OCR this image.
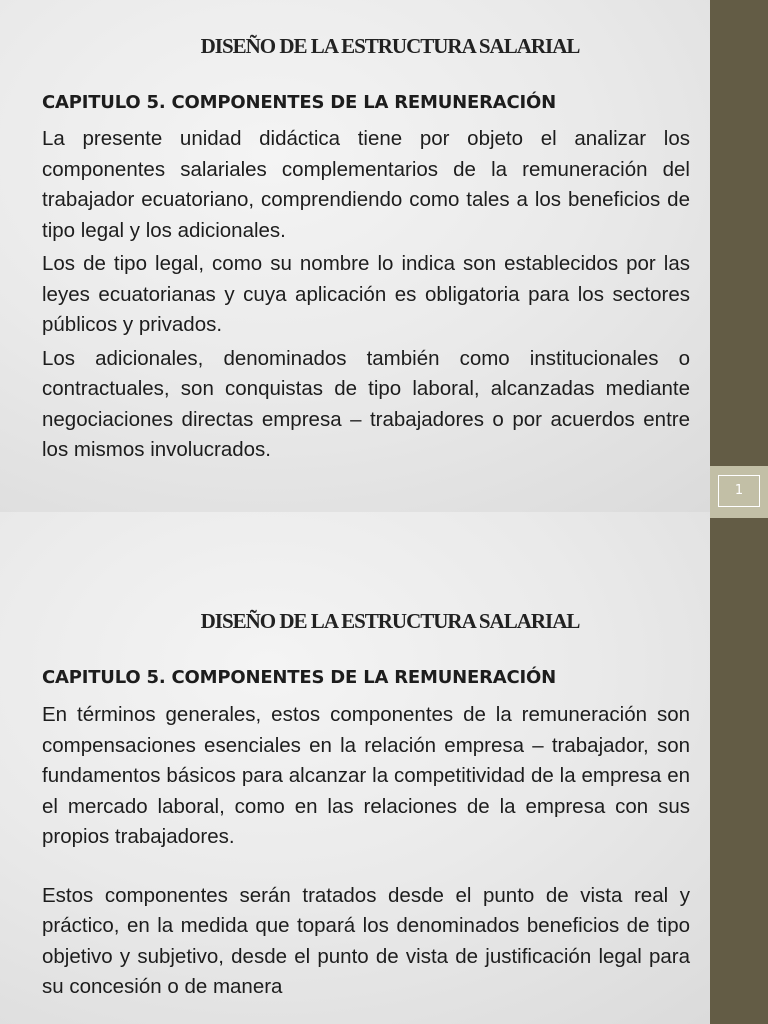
DISEÑO DE LA ESTRUCTURA SALARIAL
CAPITULO 5. COMPONENTES DE LA REMUNERACIÓN

La presente unidad didáctica tiene por objeto el analizar los componentes salariales complementarios de la remuneración del trabajador ecuatoriano, comprendiendo como tales a los beneficios de tipo legal y los adicionales.

Los de tipo legal, como su nombre lo indica son establecidos por las leyes ecuatorianas y cuya aplicación es obligatoria para los sectores públicos y privados.

Los adicionales, denominados también como institucionales o contractuales, son conquistas de tipo laboral, alcanzadas mediante negociaciones directas empresa – trabajadores o por acuerdos entre los mismos involucrados.

DISEÑO DE LA ESTRUCTURA SALARIAL
CAPITULO 5. COMPONENTES DE LA REMUNERACIÓN

En términos generales, estos componentes de la remuneración son compensaciones esenciales en la relación empresa – trabajador, son fundamentos básicos para alcanzar la competitividad de la empresa en el mercado laboral, como en las relaciones de la empresa con sus propios trabajadores.

Estos componentes serán tratados desde el punto de vista real y práctico, en la medida que topará los denominados beneficios de tipo objetivo y subjetivo, desde el punto de vista de justificación legal para su concesión o de manera

1
